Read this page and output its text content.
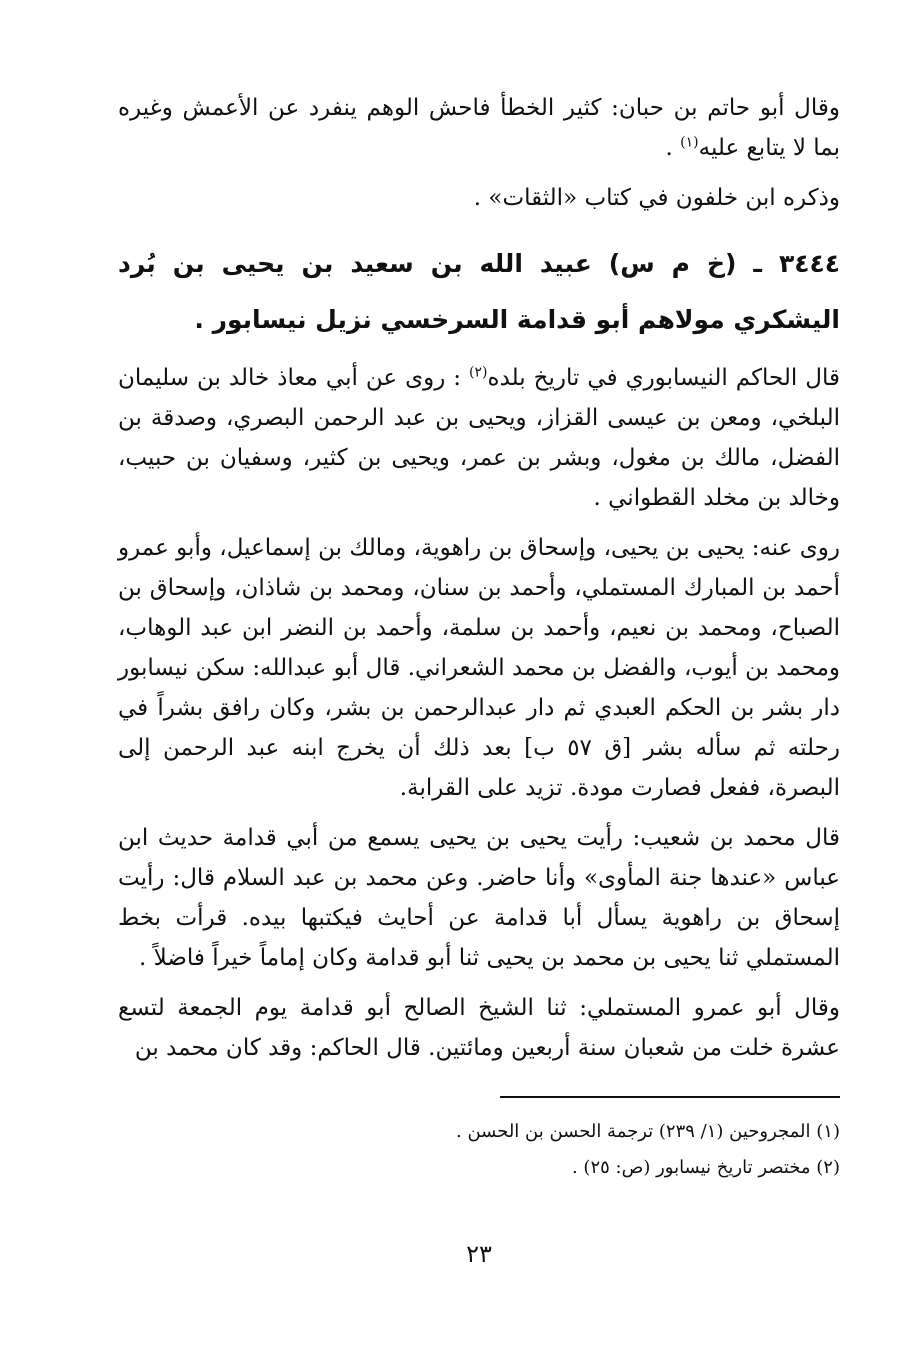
وقال أبو حاتم بن حبان: كثير الخطأ فاحش الوهم ينفرد عن الأعمش وغيره بما لا يتابع عليه$^{(١)}$ .

وذكره ابن خلفون في كتاب «الثقات» .

٣٤٤٤ ـ (خ م س) عبيد الله بن سعيد بن يحيى بن بُرد اليشكري مولاهم أبو قدامة السرخسي نزيل نيسابور .

قال الحاكم النيسابوري في تاريخ بلده$^{(٢)}$ : روى عن أبي معاذ خالد بن سليمان البلخي، ومعن بن عيسى القزاز، ويحيى بن عبد الرحمن البصري، وصدقة بن الفضل، مالك بن مغول، وبشر بن عمر، ويحيى بن كثير، وسفيان بن حبيب، وخالد بن مخلد القطواني .

روى عنه: يحيى بن يحيى، وإسحاق بن راهوية، ومالك بن إسماعيل، وأبو عمرو أحمد بن المبارك المستملي، وأحمد بن سنان، ومحمد بن شاذان، وإسحاق بن الصباح، ومحمد بن نعيم، وأحمد بن سلمة، وأحمد بن النضر ابن عبد الوهاب، ومحمد بن أيوب، والفضل بن محمد الشعراني. قال أبو عبدالله: سكن نيسابور دار بشر بن الحكم العبدي ثم دار عبدالرحمن بن بشر، وكان رافق بشراً في رحلته ثم سأله بشر [ق ٥٧ ب] بعد ذلك أن يخرج ابنه عبد الرحمن إلى البصرة، ففعل فصارت مودة. تزيد على القرابة.

قال محمد بن شعيب: رأيت يحيى بن يحيى يسمع من أبي قدامة حديث ابن عباس «عندها جنة المأوى» وأنا حاضر. وعن محمد بن عبد السلام قال: رأيت إسحاق بن راهوية يسأل أبا قدامة عن أحايث فيكتبها بيده. قرأت بخط المستملي ثنا يحيى بن محمد بن يحيى ثنا أبو قدامة وكان إماماً خيراً فاضلاً .

وقال أبو عمرو المستملي: ثنا الشيخ الصالح أبو قدامة يوم الجمعة لتسع عشرة خلت من شعبان سنة أربعين ومائتين. قال الحاكم: وقد كان محمد بن

(١) المجروحين (١/ ٢٣٩) ترجمة الحسن بن الحسن .

(٢) مختصر تاريخ نيسابور (ص: ٢٥) .

٢٣
